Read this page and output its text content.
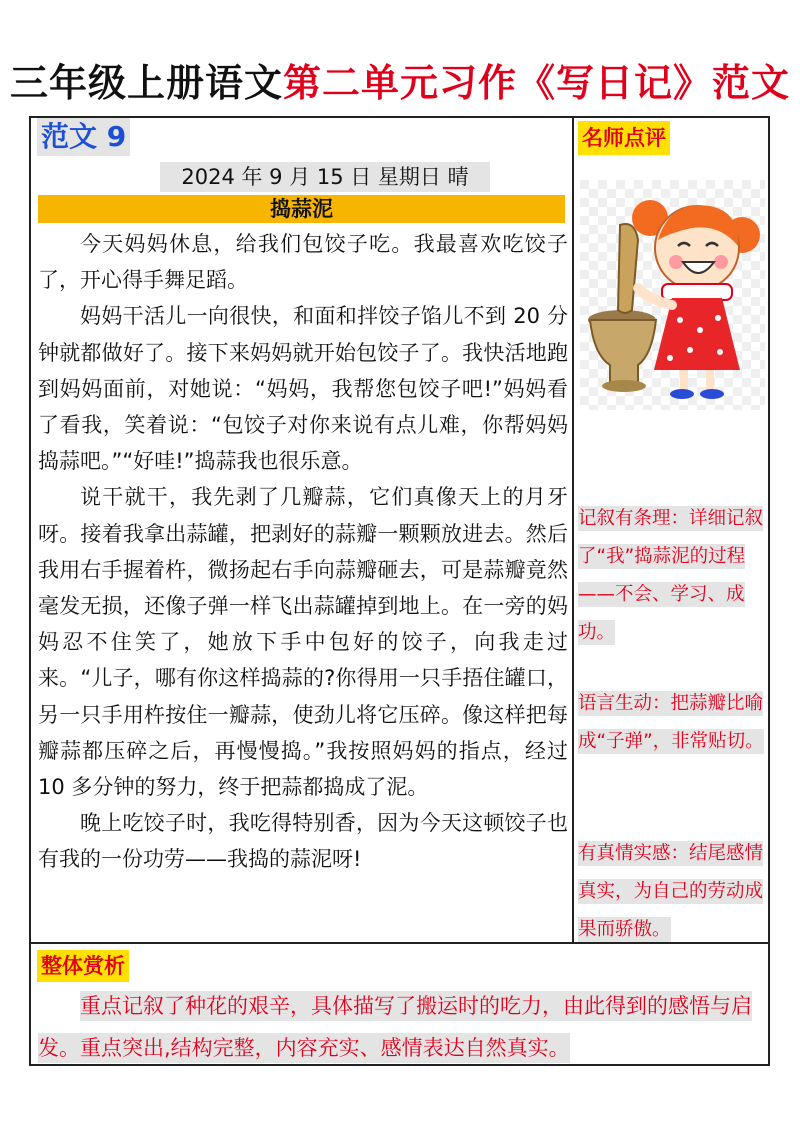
三年级上册语文第二单元习作《写日记》范文
范文 9	名师点评
2024 年 9 月 15 日 星期日 晴
捣蒜泥

今天妈妈休息，给我们包饺子吃。我最喜欢吃饺子了，开心得手舞足蹈。

妈妈干活儿一向很快，和面和拌饺子馅儿不到 20 分钟就都做好了。接下来妈妈就开始包饺子了。我快活地跑到妈妈面前，对她说：“妈妈，我帮您包饺子吧!”妈妈看了看我，笑着说：“包饺子对你来说有点儿难，你帮妈妈捣蒜吧。”“好哇!”捣蒜我也很乐意。

说干就干，我先剥了几瓣蒜，它们真像天上的月牙呀。接着我拿出蒜罐，把剥好的蒜瓣一颗颗放进去。然后我用右手握着杵，微扬起右手向蒜瓣砸去，可是蒜瓣竟然毫发无损，还像子弹一样飞出蒜罐掉到地上。在一旁的妈妈忍不住笑了，她放下手中包好的饺子，向我走过来。“儿子，哪有你这样捣蒜的?你得用一只手捂住罐口，另一只手用杵按住一瓣蒜，使劲儿将它压碎。像这样把每瓣蒜都压碎之后，再慢慢捣。”我按照妈妈的指点，经过 10 多分钟的努力，终于把蒜都捣成了泥。

晚上吃饺子时，我吃得特别香，因为今天这顿饺子也有我的一份功劳——我捣的蒜泥呀!

记叙有条理：详细记叙了“我”捣蒜泥的过程——不会、学习、成功。
语言生动：把蒜瓣比喻成“子弹”，非常贴切。
有真情实感：结尾感情真实，为自己的劳动成果而骄傲。
整体赏析
重点记叙了种花的艰辛，具体描写了搬运时的吃力，由此得到的感悟与启发。重点突出,结构完整，内容充实、感情表达自然真实。
